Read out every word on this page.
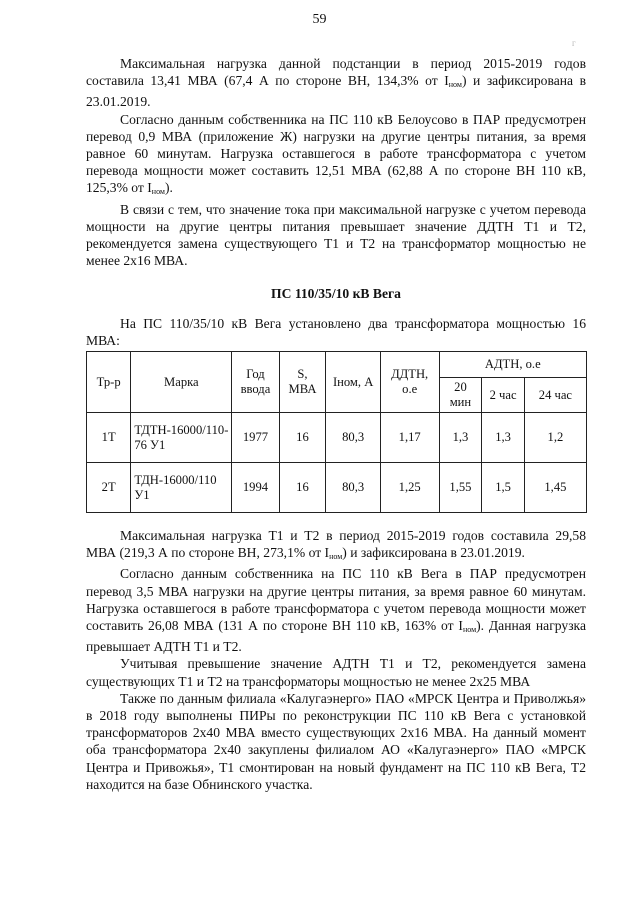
59
г

Максимальная нагрузка данной подстанции в период 2015-2019 годов составила 13,41 МВА (67,4 А по стороне ВН, 134,3% от $I_{ном}$) и зафиксирована в 23.01.2019.

Согласно данным собственника на ПС 110 кВ Белоусово в ПАР предусмотрен перевод 0,9 МВА (приложение Ж) нагрузки на другие центры питания, за время равное 60 минутам. Нагрузка оставшегося в работе трансформатора с учетом перевода мощности может составить 12,51 МВА (62,88 А по стороне ВН 110 кВ, 125,3% от $I_{ном}$).

В связи с тем, что значение тока при максимальной нагрузке с учетом перевода мощности на другие центры питания превышает значение ДДТН Т1 и Т2, рекомендуется замена существующего Т1 и Т2 на трансформатор мощностью не менее 2х16 МВА.

ПС 110/35/10 кВ Вега

На ПС 110/35/10 кВ Вега установлено два трансформатора мощностью 16 МВА:

Тр-р	Марка	Год ввода	S, МВА	Iном, А	ДДТН, о.е	АДТН, о.е		
						20 мин	2 час	24 час
1Т	ТДТН-16000/110-76 У1	1977	16	80,3	1,17	1,3	1,3	1,2
2Т	ТДН-16000/110 У1	1994	16	80,3	1,25	1,55	1,5	1,45

Максимальная нагрузка Т1 и Т2 в период 2015-2019 годов составила 29,58 МВА (219,3 А по стороне ВН, 273,1% от $I_{ном}$) и зафиксирована в 23.01.2019.

Согласно данным собственника на ПС 110 кВ Вега в ПАР предусмотрен перевод 3,5 МВА нагрузки на другие центры питания, за время равное 60 минутам. Нагрузка оставшегося в работе трансформатора с учетом перевода мощности может составить 26,08 МВА (131 А по стороне ВН 110 кВ, 163% от $I_{ном}$). Данная нагрузка превышает АДТН Т1 и Т2.

Учитывая превышение значение АДТН Т1 и Т2, рекомендуется замена существующих Т1 и Т2 на трансформаторы мощностью не менее 2х25 МВА

Также по данным филиала «Калугаэнерго» ПАО «МРСК Центра и Приволжья» в 2018 году выполнены ПИРы по реконструкции ПС 110 кВ Вега с установкой трансформаторов 2х40 МВА вместо существующих 2х16 МВА. На данный момент оба трансформатора 2х40 закуплены филиалом АО «Калугаэнерго» ПАО «МРСК Центра и Привожья», Т1 смонтирован на новый фундамент на ПС 110 кВ Вега, Т2 находится на базе Обнинского участка.
